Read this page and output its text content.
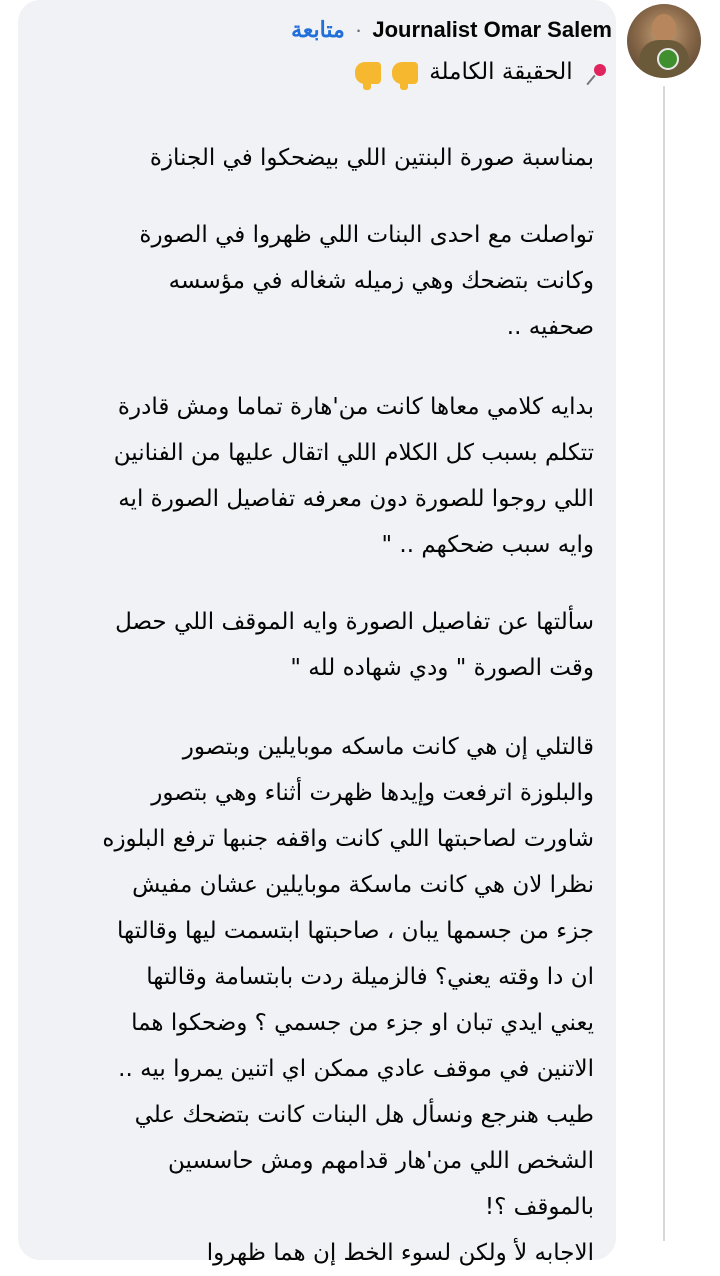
متابعة · Journalist Omar Salem
الحقيقة الكاملة
بمناسبة صورة البنتين اللي بيضحكوا في الجنازة
تواصلت مع احدى البنات اللي ظهروا في الصورة
وكانت بتضحك وهي زميله شغاله في مؤسسه
صحفيه ..
بدايه كلامي معاها كانت من'هارة تماما ومش قادرة
تتكلم بسبب كل الكلام اللي اتقال عليها من الفنانين
اللي روجوا للصورة دون معرفه تفاصيل الصورة ايه
وايه سبب ضحكهم .. "
سألتها عن تفاصيل الصورة وايه الموقف اللي حصل
وقت الصورة " ودي شهاده لله "
قالتلي إن هي كانت ماسكه موبايلين وبتصور
والبلوزة اترفعت وإيدها ظهرت أثناء وهي بتصور
شاورت لصاحبتها اللي كانت واقفه جنبها ترفع البلوزه
نظرا لان هي كانت ماسكة موبايلين عشان مفيش
جزء من جسمها يبان ، صاحبتها ابتسمت ليها وقالتها
ان دا وقته يعني؟ فالزميلة ردت بابتسامة وقالتها
يعني ايدي تبان او جزء من جسمي ؟ وضحكوا هما
الاتنين في موقف عادي ممكن اي اتنين يمروا بيه ..
طيب هنرجع ونسأل هل البنات كانت بتضحك علي
الشخص اللي من'هار قدامهم ومش حاسسين
بالموقف ؟!
الاجابه لأ ولكن لسوء الخط إن هما ظهروا
